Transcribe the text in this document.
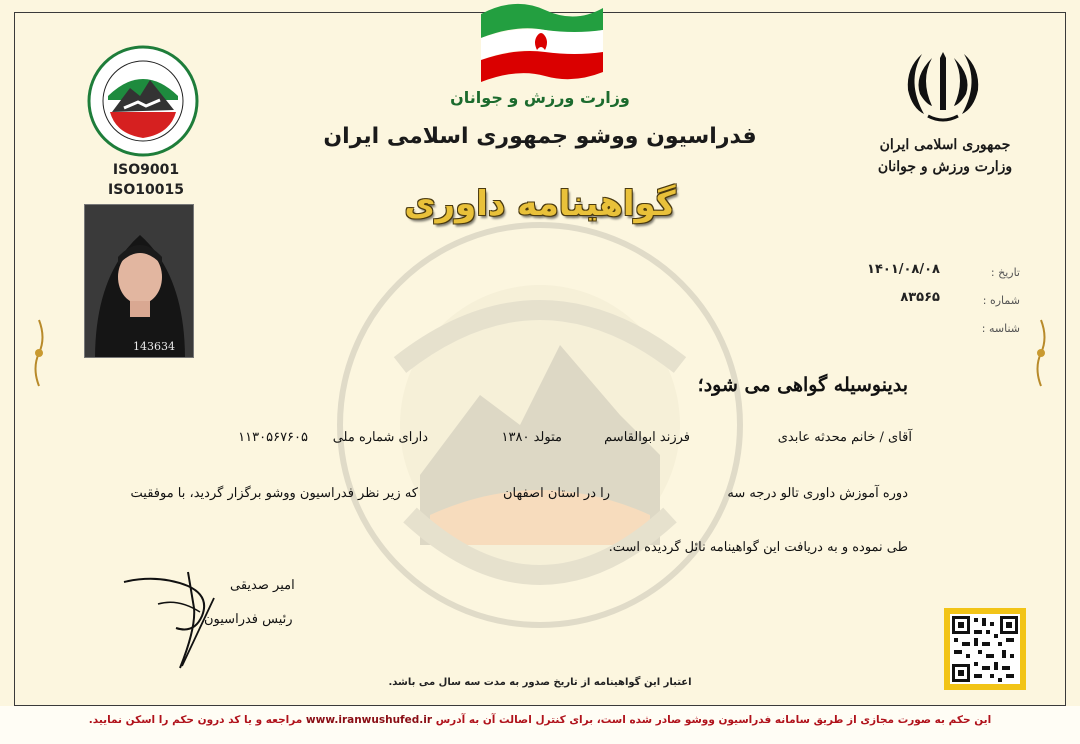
وزارت ورزش و جوانان
فدراسیون ووشو جمهوری اسلامی ایران
گواهینامه داوری
ISO9001
ISO10015
143634
جمهوری اسلامی ایران
وزارت ورزش و جوانان
تاریخ :
۱۴۰۱/۰۸/۰۸
شماره :
۸۳۵۶۵
شناسه :
بدینوسیله گواهی می شود؛
آقای / خانم محدثه عابدی
فرزند ابوالقاسم
متولد ۱۳۸۰
دارای شماره ملی
۱۱۳۰۵۶۷۶۰۵
دوره آموزش داوری تالو درجه سه
را در استان اصفهان
که زیر نظر فدراسیون ووشو برگزار گردید، با موفقیت
طی نموده و به دریافت این گواهینامه نائل گردیده است.
امیر صدیقی
رئیس فدراسیون
اعتبار این گواهینامه از تاریخ صدور به مدت سه سال می باشد.
این حکم به صورت مجازی از طریق سامانه فدراسیون ووشو صادر شده است، برای کنترل اصالت آن به آدرس www.iranwushufed.ir مراجعه و یا کد درون حکم را اسکن نمایید.
